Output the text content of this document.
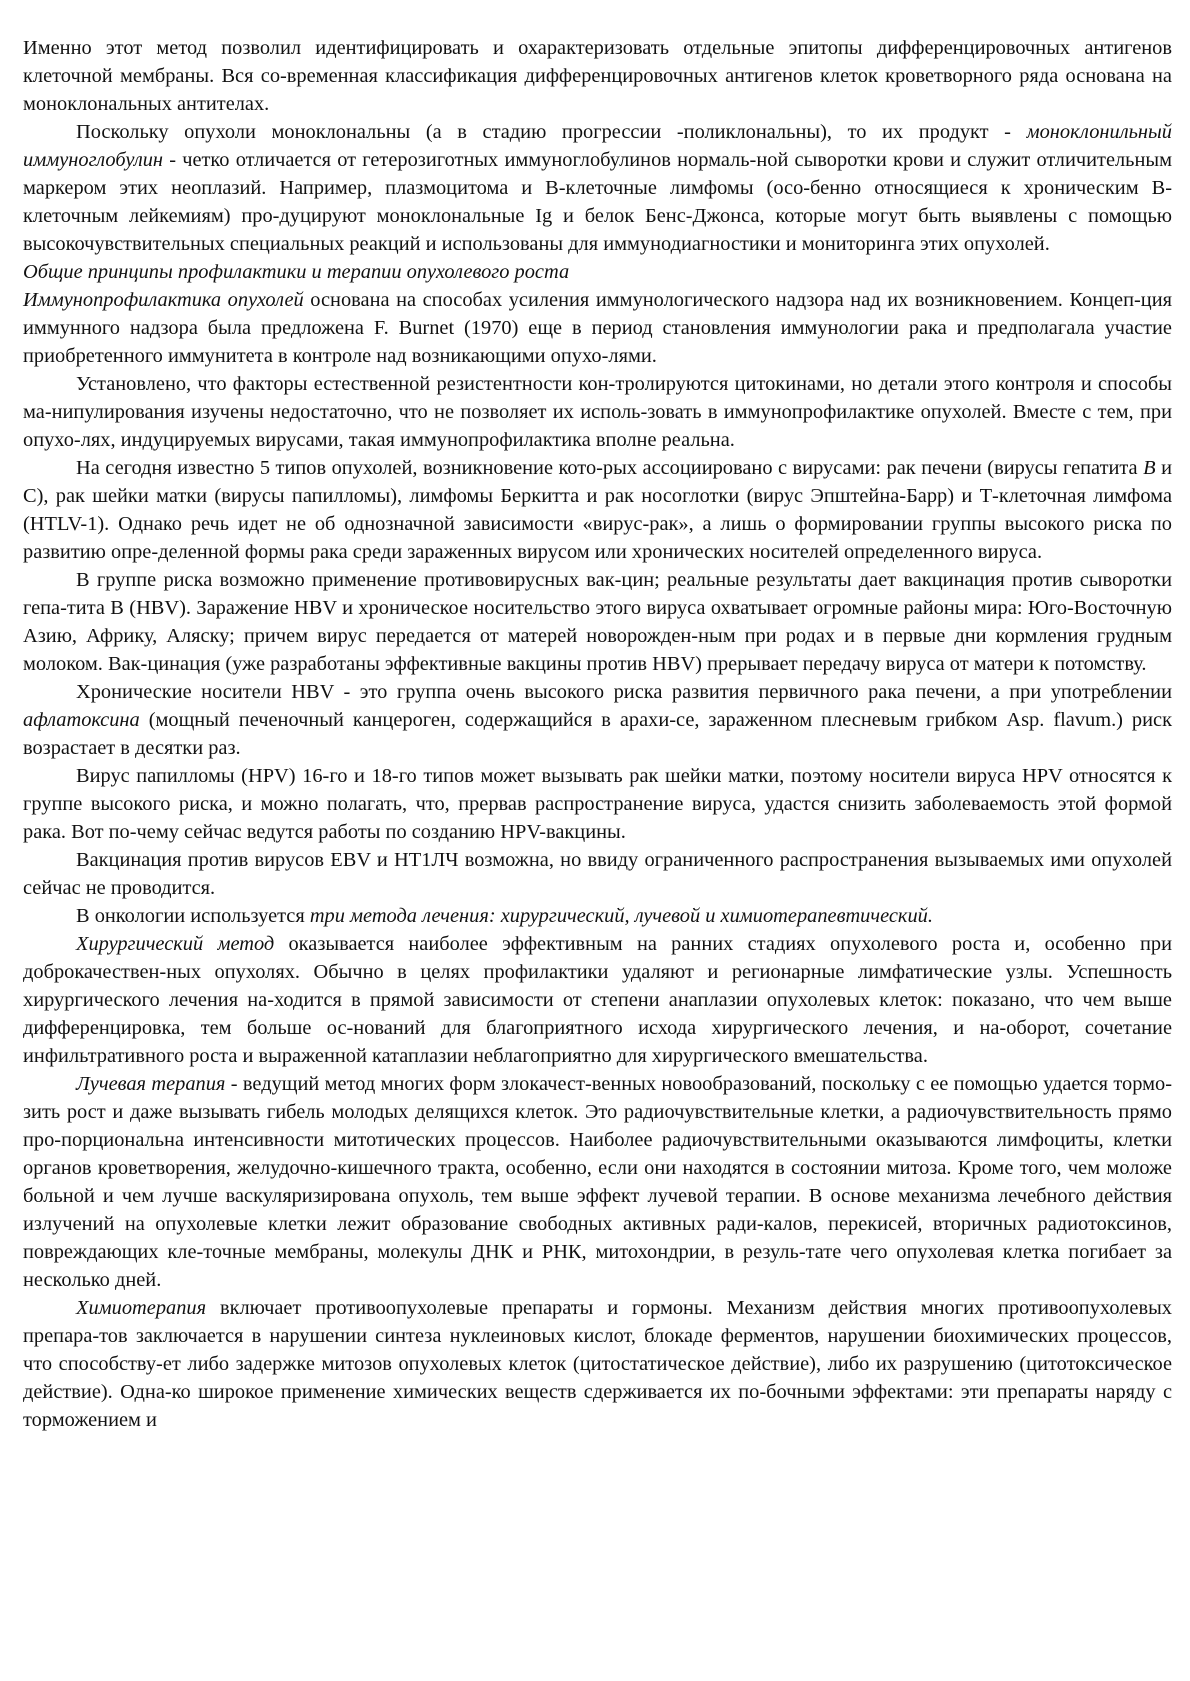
Именно этот метод позволил идентифицировать и охарактеризовать отдельные эпитопы дифференцировочных антигенов клеточной мембраны. Вся со-временная классификация дифференцировочных антигенов клеток кроветворного ряда основана на моноклональных антителах.

Поскольку опухоли моноклональны (а в стадию прогрессии -поликлональны), то их продукт - моноклонильный иммуноглобулин - четко отличается от гетерозиготных иммуноглобулинов нормаль-ной сыворотки крови и служит отличительным маркером этих неоплазий. Например, плазмоцитома и В-клеточные лимфомы (осо-бенно относящиеся к хроническим В-клеточным лейкемиям) про-дуцируют моноклональные Ig и белок Бенс-Джонса, которые могут быть выявлены с помощью высокочувствительных специальных реакций и использованы для иммунодиагностики и мониторинга этих опухолей.

Общие принципы профилактики и терапии опухолевого роста

Иммунопрофилактика опухолей основана на способах усиления иммунологического надзора над их возникновением. Концеп-ция иммунного надзора была предложена F. Burnet (1970) еще в период становления иммунологии рака и предполагала участие приобретенного иммунитета в контроле над возникающими опухо-лями.

Установлено, что факторы естественной резистентности кон-тролируются цитокинами, но детали этого контроля и способы ма-нипулирования изучены недостаточно, что не позволяет их исполь-зовать в иммунопрофилактике опухолей. Вместе с тем, при опухо-лях, индуцируемых вирусами, такая иммунопрофилактика вполне реальна.

На сегодня известно 5 типов опухолей, возникновение кото-рых ассоциировано с вирусами: рак печени (вирусы гепатита В и С), рак шейки матки (вирусы папилломы), лимфомы Беркитта и рак носоглотки (вирус Эпштейна-Барр) и Т-клеточная лимфома (HTLV-1). Однако речь идет не об однозначной зависимости «вирус-рак», а лишь о формировании группы высокого риска по развитию опре-деленной формы рака среди зараженных вирусом или хронических носителей определенного вируса.

В группе риска возможно применение противовирусных вак-цин; реальные результаты дает вакцинация против сыворотки гепа-тита В (HBV). Заражение HBV и хроническое носительство этого вируса охватывает огромные районы мира: Юго-Восточную Азию, Африку, Аляску; причем вирус передается от матерей новорожден-ным при родах и в первые дни кормления грудным молоком. Вак-цинация (уже разработаны эффективные вакцины против HBV) прерывает передачу вируса от матери к потомству.

Хронические носители HBV - это группа очень высокого риска развития первичного рака печени, а при употреблении афлатоксина (мощный печеночный канцероген, содержащийся в арахи-се, зараженном плесневым грибком Asp. flavum.) риск возрастает в десятки раз.

Вирус папилломы (HPV) 16-го и 18-го типов может вызывать рак шейки матки, поэтому носители вируса HPV относятся к группе высокого риска, и можно полагать, что, прервав распространение вируса, удастся снизить заболеваемость этой формой рака. Вот по-чему сейчас ведутся работы по созданию HPV-вакцины.

Вакцинация против вирусов EBV и НТ1ЛЧ возможна, но ввиду ограниченного распространения вызываемых ими опухолей сейчас не проводится.

В онкологии используется три метода лечения: хирургический, лучевой и химиотерапевтический.

Хирургический метод оказывается наиболее эффективным на ранних стадиях опухолевого роста и, особенно при доброкачествен-ных опухолях. Обычно в целях профилактики удаляют и регионарные лимфатические узлы. Успешность хирургического лечения на-ходится в прямой зависимости от степени анаплазии опухолевых клеток: показано, что чем выше дифференцировка, тем больше ос-нований для благоприятного исхода хирургического лечения, и на-оборот, сочетание инфильтративного роста и выраженной катаплазии неблагоприятно для хирургического вмешательства.

Лучевая терапия - ведущий метод многих форм злокачест-венных новообразований, поскольку с ее помощью удается тормо-зить рост и даже вызывать гибель молодых делящихся клеток. Это радиочувствительные клетки, а радиочувствительность прямо про-порциональна интенсивности митотических процессов. Наиболее радиочувствительными оказываются лимфоциты, клетки органов кроветворения, желудочно-кишечного тракта, особенно, если они находятся в состоянии митоза. Кроме того, чем моложе больной и чем лучше васкуляризирована опухоль, тем выше эффект лучевой терапии. В основе механизма лечебного действия излучений на опухолевые клетки лежит образование свободных активных ради-калов, перекисей, вторичных радиотоксинов, повреждающих кле-точные мембраны, молекулы ДНК и РНК, митохондрии, в резуль-тате чего опухолевая клетка погибает за несколько дней.

Химиотерапия включает противоопухолевые препараты и гормоны. Механизм действия многих противоопухолевых препара-тов заключается в нарушении синтеза нуклеиновых кислот, блокаде ферментов, нарушении биохимических процессов, что способству-ет либо задержке митозов опухолевых клеток (цитостатическое действие), либо их разрушению (цитотоксическое действие). Одна-ко широкое применение химических веществ сдерживается их по-бочными эффектами: эти препараты наряду с торможением и
